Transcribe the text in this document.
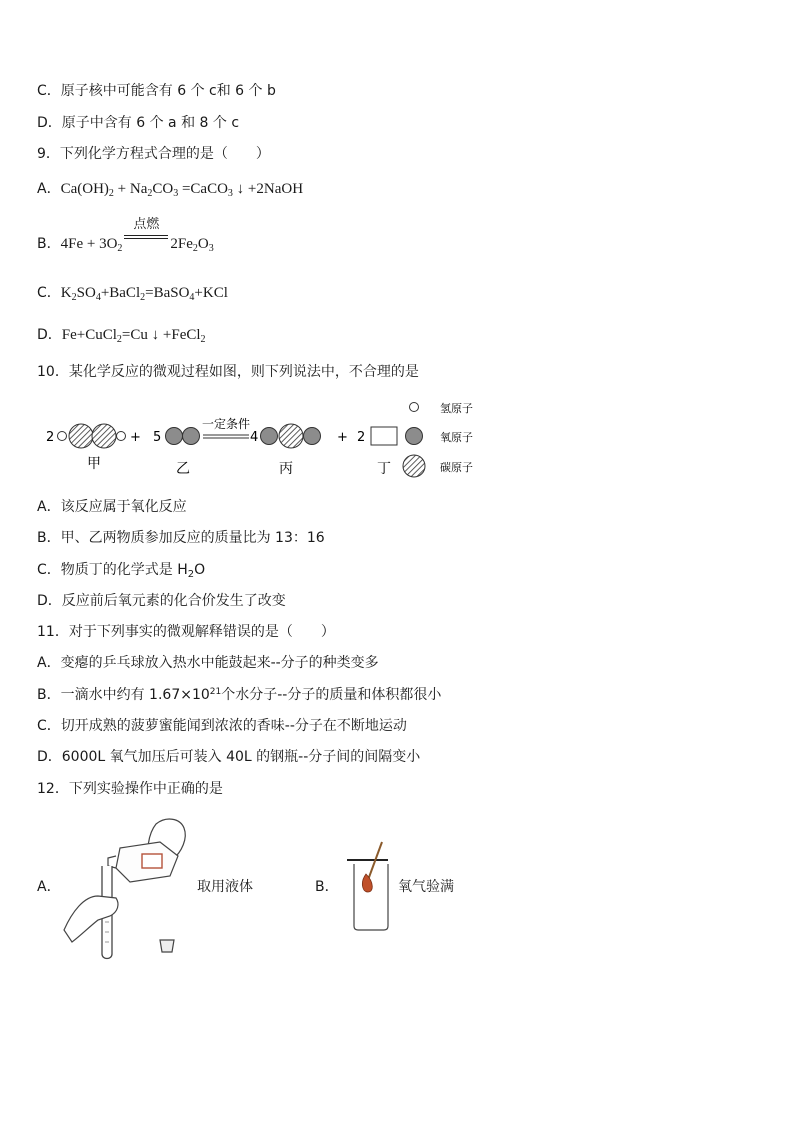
C．原子核中可能含有 6 个 c和 6 个 b
D．原子中含有 6 个 a 和 8 个 c
9．下列化学方程式合理的是（　　）
A．$Ca(OH)_2 + Na_2CO_3$ =CaCO$_3$ ↓ +2NaOH
B．$4Fe + 3O_2$
点燃
$2Fe_2O_3$
C．$K_2SO_4+BaCl_2=BaSO_4+KCl$
D．Fe+CuCl$_2$=Cu ↓ +FeCl$_2$
10．某化学反应的微观过程如图，则下列说法中，不合理的是
2
甲
+ 5
乙
一定条件
4
丙
+ 2
丁
氢原子
氧原子
碳原子
A．该反应属于氧化反应
B．甲、乙两物质参加反应的质量比为 13：16
C．物质丁的化学式是 $H_2O$
D．反应前后氧元素的化合价发生了改变
11．对于下列事实的微观解释错误的是（　　）
A．变瘪的乒乓球放入热水中能鼓起来--分子的种类变多
B．一滴水中约有 $1.67\times 10^{21}$个水分子--分子的质量和体积都很小
C．切开成熟的菠萝蜜能闻到浓浓的香味--分子在不断地运动
D．6000L 氧气加压后可装入 40L 的钢瓶--分子间的间隔变小
12．下列实验操作中正确的是
A．	取用液体	B．	氧气验满
